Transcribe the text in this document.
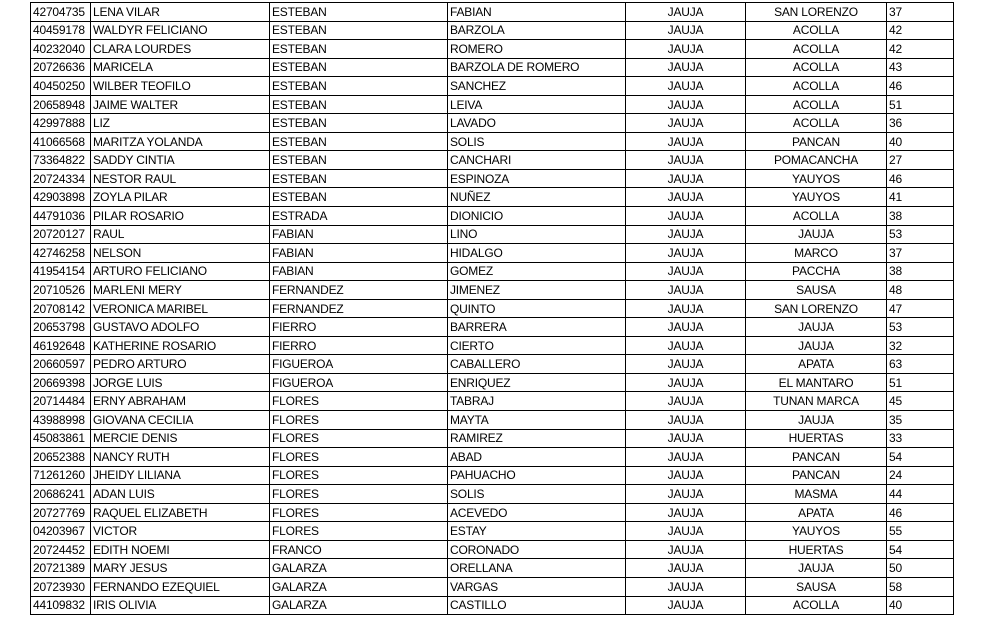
42704735	LENA VILAR	ESTEBAN	FABIAN	JAUJA	SAN LORENZO	37
40459178	WALDYR FELICIANO	ESTEBAN	BARZOLA	JAUJA	ACOLLA	42
40232040	CLARA LOURDES	ESTEBAN	ROMERO	JAUJA	ACOLLA	42
20726636	MARICELA	ESTEBAN	BARZOLA DE ROMERO	JAUJA	ACOLLA	43
40450250	WILBER TEOFILO	ESTEBAN	SANCHEZ	JAUJA	ACOLLA	46
20658948	JAIME WALTER	ESTEBAN	LEIVA	JAUJA	ACOLLA	51
42997888	LIZ	ESTEBAN	LAVADO	JAUJA	ACOLLA	36
41066568	MARITZA YOLANDA	ESTEBAN	SOLIS	JAUJA	PANCAN	40
73364822	SADDY CINTIA	ESTEBAN	CANCHARI	JAUJA	POMACANCHA	27
20724334	NESTOR RAUL	ESTEBAN	ESPINOZA	JAUJA	YAUYOS	46
42903898	ZOYLA PILAR	ESTEBAN	NUÑEZ	JAUJA	YAUYOS	41
44791036	PILAR ROSARIO	ESTRADA	DIONICIO	JAUJA	ACOLLA	38
20720127	RAUL	FABIAN	LINO	JAUJA	JAUJA	53
42746258	NELSON	FABIAN	HIDALGO	JAUJA	MARCO	37
41954154	ARTURO FELICIANO	FABIAN	GOMEZ	JAUJA	PACCHA	38
20710526	MARLENI MERY	FERNANDEZ	JIMENEZ	JAUJA	SAUSA	48
20708142	VERONICA MARIBEL	FERNANDEZ	QUINTO	JAUJA	SAN LORENZO	47
20653798	GUSTAVO ADOLFO	FIERRO	BARRERA	JAUJA	JAUJA	53
46192648	KATHERINE ROSARIO	FIERRO	CIERTO	JAUJA	JAUJA	32
20660597	PEDRO ARTURO	FIGUEROA	CABALLERO	JAUJA	APATA	63
20669398	JORGE LUIS	FIGUEROA	ENRIQUEZ	JAUJA	EL MANTARO	51
20714484	ERNY ABRAHAM	FLORES	TABRAJ	JAUJA	TUNAN MARCA	45
43988998	GIOVANA CECILIA	FLORES	MAYTA	JAUJA	JAUJA	35
45083861	MERCIE DENIS	FLORES	RAMIREZ	JAUJA	HUERTAS	33
20652388	NANCY RUTH	FLORES	ABAD	JAUJA	PANCAN	54
71261260	JHEIDY LILIANA	FLORES	PAHUACHO	JAUJA	PANCAN	24
20686241	ADAN LUIS	FLORES	SOLIS	JAUJA	MASMA	44
20727769	RAQUEL ELIZABETH	FLORES	ACEVEDO	JAUJA	APATA	46
04203967	VICTOR	FLORES	ESTAY	JAUJA	YAUYOS	55
20724452	EDITH NOEMI	FRANCO	CORONADO	JAUJA	HUERTAS	54
20721389	MARY JESUS	GALARZA	ORELLANA	JAUJA	JAUJA	50
20723930	FERNANDO EZEQUIEL	GALARZA	VARGAS	JAUJA	SAUSA	58
44109832	IRIS OLIVIA	GALARZA	CASTILLO	JAUJA	ACOLLA	40
